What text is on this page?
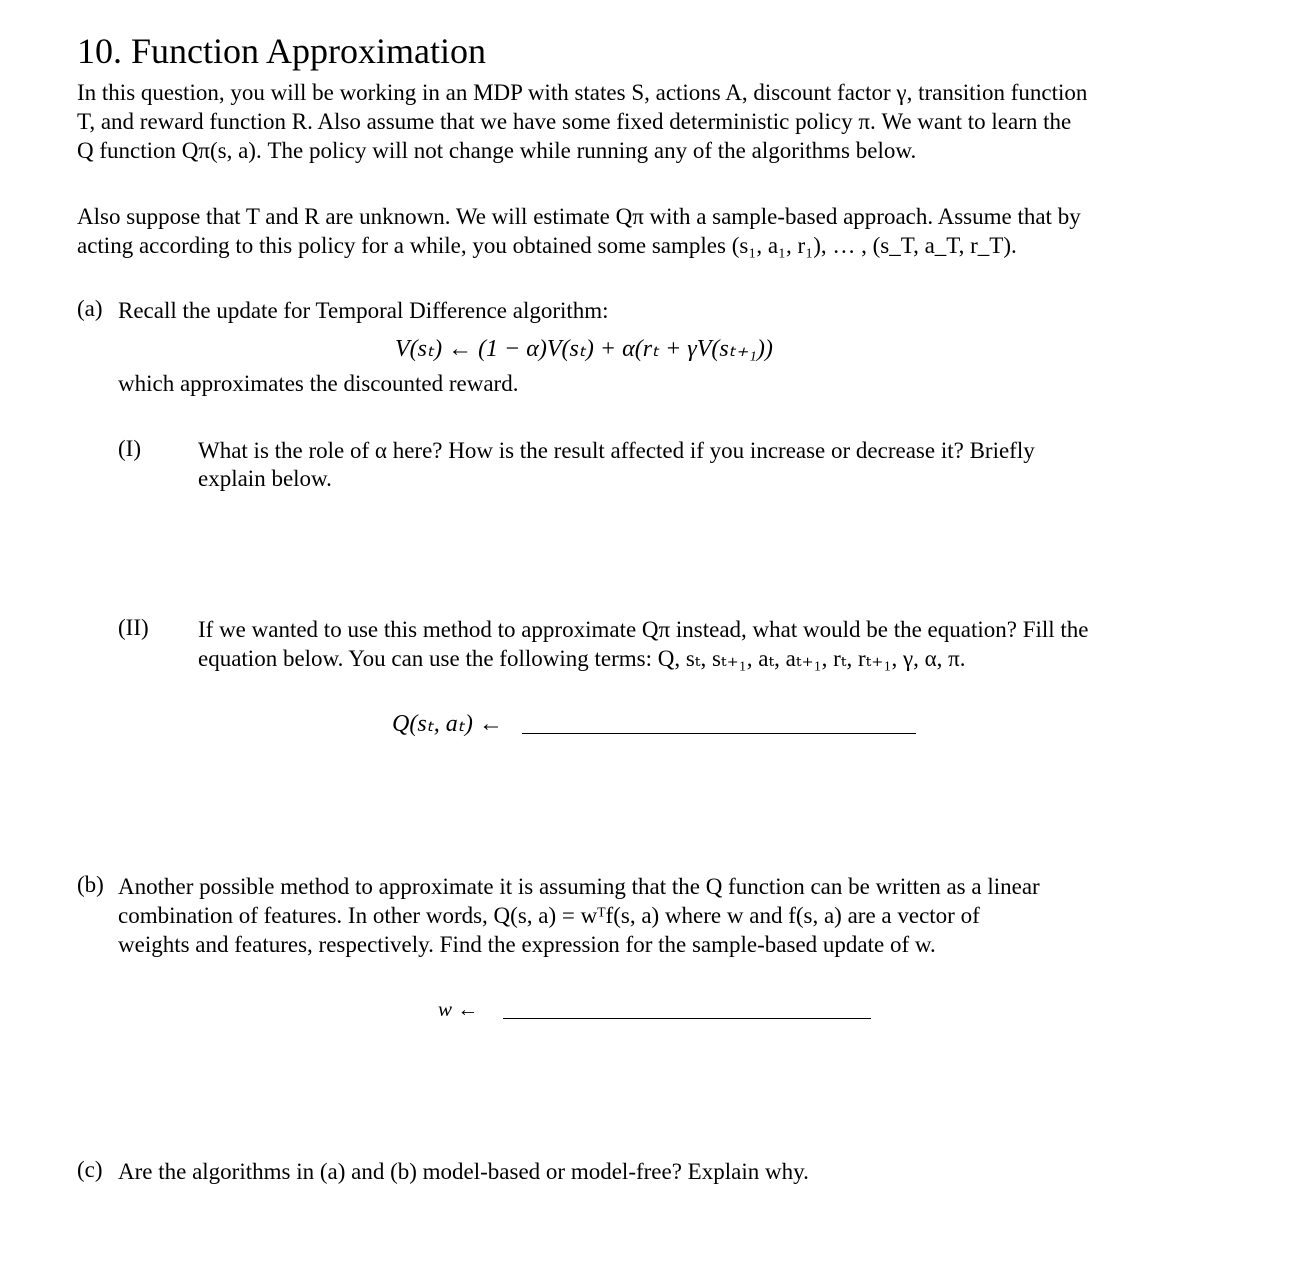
10. Function Approximation
In this question, you will be working in an MDP with states S, actions A, discount factor γ, transition function
T, and reward function R. Also assume that we have some fixed deterministic policy π. We want to learn the
Q function Qπ(s, a). The policy will not change while running any of the algorithms below.
Also suppose that T and R are unknown. We will estimate Qπ with a sample-based approach. Assume that by
acting according to this policy for a while, you obtained some samples (s₁, a₁, r₁), … , (s_T, a_T, r_T).
(a) Recall the update for Temporal Difference algorithm:
V(sₜ) ← (1 − α)V(sₜ) + α(rₜ + γV(sₜ₊₁))
which approximates the discounted reward.
(I) What is the role of α here? How is the result affected if you increase or decrease it? Briefly
explain below.
(II) If we wanted to use this method to approximate Qπ instead, what would be the equation? Fill the
equation below. You can use the following terms: Q, sₜ, sₜ₊₁, aₜ, aₜ₊₁, rₜ, rₜ₊₁, γ, α, π.
Q(sₜ, aₜ) ←
(b) Another possible method to approximate it is assuming that the Q function can be written as a linear
combination of features. In other words, Q(s, a) = wᵀf(s, a) where w and f(s, a) are a vector of
weights and features, respectively. Find the expression for the sample-based update of w.
w ←
(c) Are the algorithms in (a) and (b) model-based or model-free? Explain why.
